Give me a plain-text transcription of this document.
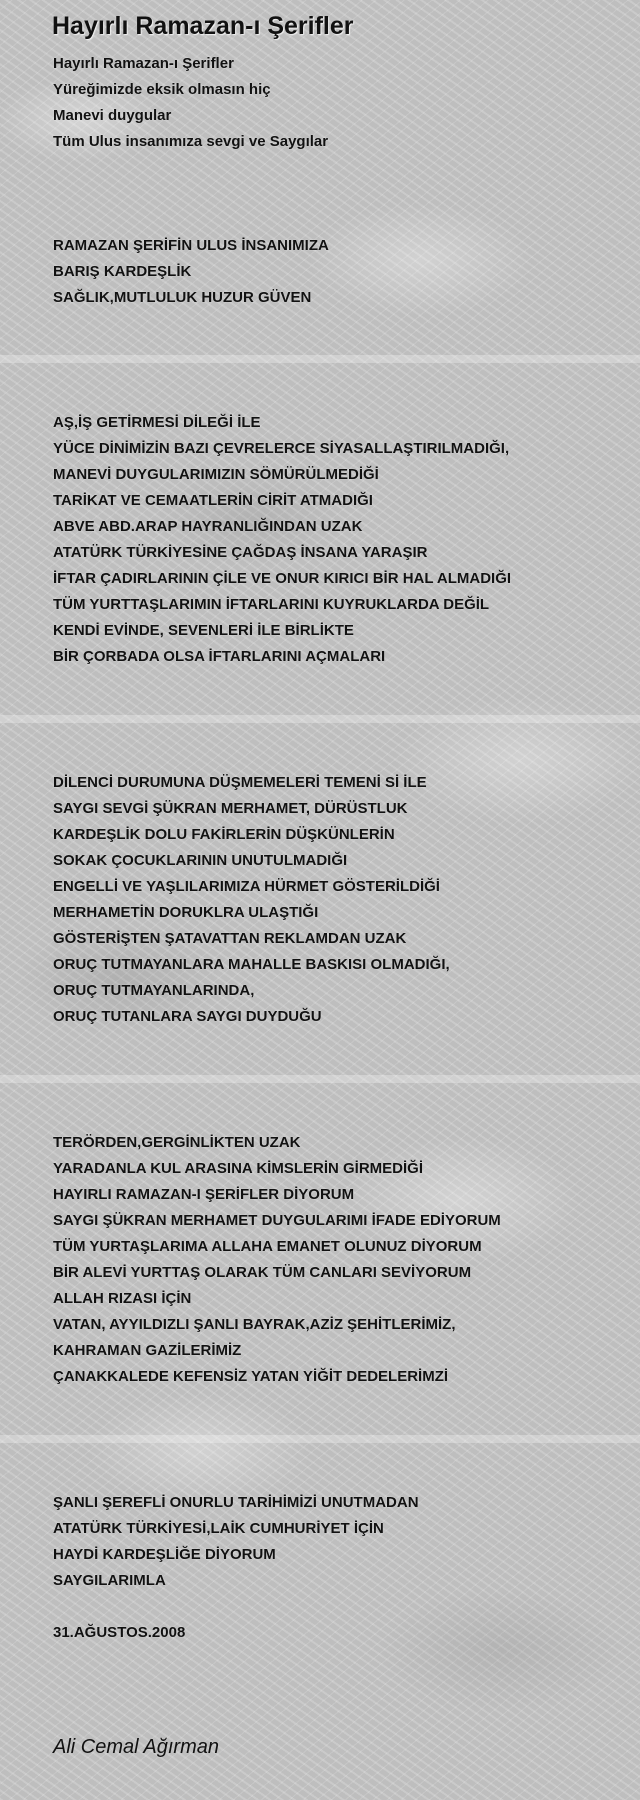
Hayırlı Ramazan-ı Şerifler
Hayırlı Ramazan-ı Şerifler
Yüreğimizde eksik olmasın hiç
Manevi duygular
Tüm Ulus insanımıza sevgi ve Saygılar
RAMAZAN ŞERİFİN ULUS İNSANIMIZA
BARIŞ KARDEŞLİK
SAĞLIK,MUTLULUK HUZUR GÜVEN
AŞ,İŞ GETİRMESİ DİLEĞİ İLE
YÜCE DİNİMİZİN BAZI ÇEVRELERCE SİYASALLAŞTIRILMADIĞI,
MANEVİ DUYGULARIMIZIN SÖMÜRÜLMEDİĞİ
TARİKAT VE CEMAATLERİN CİRİT ATMADIĞI
ABVE ABD.ARAP HAYRANLIĞINDAN UZAK
ATATÜRK TÜRKİYESİNE ÇAĞDAŞ İNSANA YARAŞIR
İFTAR ÇADIRLARININ ÇİLE VE ONUR KIRICI BİR HAL ALMADIĞI
TÜM YURTTAŞLARIMIN İFTARLARINI KUYRUKLARDA DEĞİL
KENDİ EVİNDE, SEVENLERİ İLE BİRLİKTE
BİR ÇORBADA OLSA İFTARLARINI AÇMALARI
DİLENCİ DURUMUNA DÜŞMEMELERİ TEMENİ Sİ İLE
SAYGI SEVGİ ŞÜKRAN MERHAMET, DÜRÜSTLUK
KARDEŞLİK DOLU FAKİRLERİN DÜŞKÜNLERİN
SOKAK ÇOCUKLARININ UNUTULMADIĞI
ENGELLİ VE YAŞLILARIMIZA HÜRMET GÖSTERİLDİĞİ
MERHAMETİN DORUKLRA ULAŞTIĞI
GÖSTERİŞTEN ŞATAVATTAN REKLAMDAN UZAK
ORUÇ TUTMAYANLARA MAHALLE BASKISI OLMADIĞI,
ORUÇ TUTMAYANLARINDA,
ORUÇ TUTANLARA SAYGI DUYDUĞU
TERÖRDEN,GERGİNLİKTEN UZAK
YARADANLA KUL ARASINA KİMSLERİN GİRMEDİĞİ
HAYIRLI RAMAZAN-I ŞERİFLER DİYORUM
SAYGI ŞÜKRAN MERHAMET DUYGULARIMI İFADE EDİYORUM
TÜM YURTAŞLARIMA ALLAHA EMANET OLUNUZ DİYORUM
BİR ALEVİ YURTTAŞ OLARAK TÜM CANLARI SEVİYORUM
ALLAH RIZASI İÇİN
VATAN, AYYILDIZLI ŞANLI BAYRAK,AZİZ ŞEHİTLERİMİZ,
KAHRAMAN GAZİLERİMİZ
ÇANAKKALEDE KEFENSİZ YATAN YİĞİT DEDELERİMZİ
ŞANLI ŞEREFLİ ONURLU TARİHİMİZİ UNUTMADAN
ATATÜRK TÜRKİYESİ,LAİK CUMHURİYET İÇİN
HAYDİ KARDEŞLİĞE DİYORUM
SAYGILARIMLA
31.AĞUSTOS.2008
Ali Cemal Ağırman
